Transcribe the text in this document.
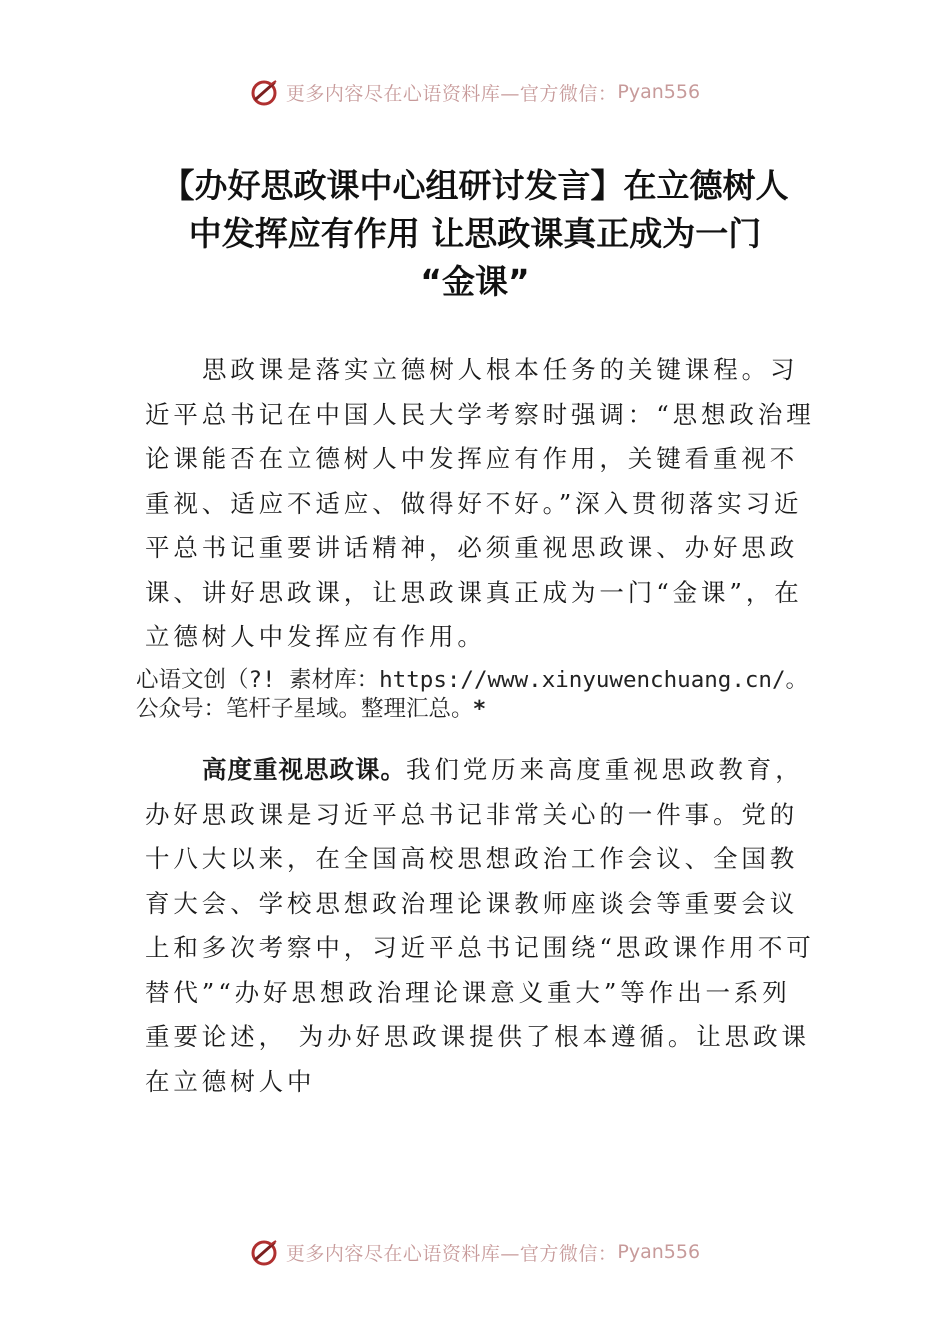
更多内容尽在心语资料库—官方微信： Pyan556
【办好思政课中心组研讨发言】在立德树人
中发挥应有作用 让思政课真正成为一门
“金课”

思政课是落实立德树人根本任务的关键课程。习近平总书记在中国人民大学考察时强调：“思想政治理论课能否在立德树人中发挥应有作用，关键看重视不重视、适应不适应、做得好不好。”深入贯彻落实习近平总书记重要讲话精神，必须重视思政课、办好思政课、讲好思政课，让思政课真正成为一门“金课”，在立德树人中发挥应有作用。

心语文创（?! 素材库：https://www.xinyuwenchuang.cn/。公众号：笔杆子星域。整理汇总。*

高度重视思政课。我们党历来高度重视思政教育，办好思政课是习近平总书记非常关心的一件事。党的十八大以来，在全国高校思想政治工作会议、全国教育大会、学校思想政治理论课教师座谈会等重要会议上和多次考察中，习近平总书记围绕“思政课作用不可替代”“办好思想政治理论课意义重大”等作出一系列重要论述， 为办好思政课提供了根本遵循。让思政课在立德树人中

更多内容尽在心语资料库—官方微信： Pyan556
